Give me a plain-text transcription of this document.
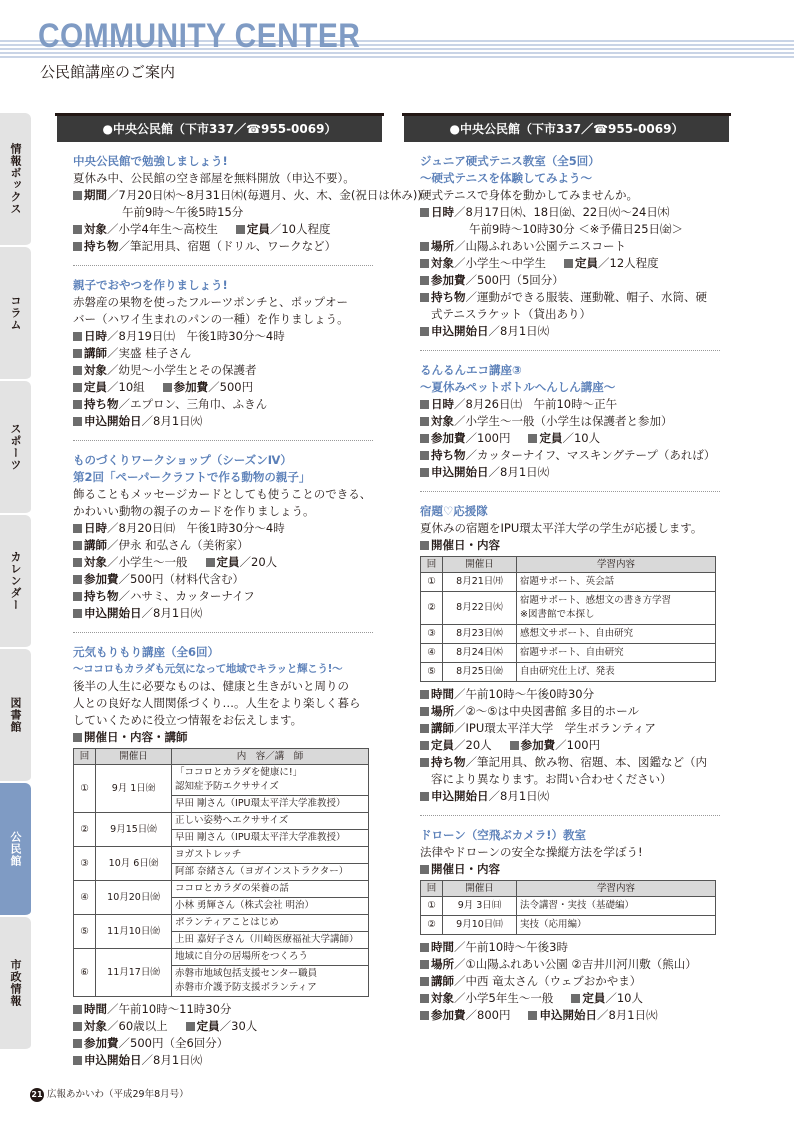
COMMUNITY CENTER
公民館講座のご案内
情報ボックス
コラム
スポーツ
カレンダー
図書館
公民館
市政情報
●中央公民館（下市337／☎955-0069）
中央公民館で勉強しましょう!
夏休み中、公民館の空き部屋を無料開放（申込不要）。
期間／7月20日㈭～8月31日㈭(毎週月、火、木、金(祝日は休み))
午前9時～午後5時15分
対象／小学4年生～高校生	定員／10人程度
持ち物／筆記用具、宿題（ドリル、ワークなど）
親子でおやつを作りましょう!
赤磐産の果物を使ったフルーツポンチと、ポップオー
バー（ハワイ生まれのパンの一種）を作りましょう。
日時／8月19日㈯　午後1時30分～4時
講師／実盛 桂子さん
対象／幼児～小学生とその保護者
定員／10組	参加費／500円
持ち物／エプロン、三角巾、ふきん
申込開始日／8月1日㈫
ものづくりワークショップ（シーズンⅣ）
第2回「ペーパークラフトで作る動物の親子」
飾ることもメッセージカードとしても使うことのできる、
かわいい動物の親子のカードを作りましょう。
日時／8月20日㈰　午後1時30分～4時
講師／伊永 和弘さん（美術家）
対象／小学生～一般	定員／20人
参加費／500円（材料代含む）
持ち物／ハサミ、カッターナイフ
申込開始日／8月1日㈫
元気もりもり講座（全6回）
～ココロもカラダも元気になって地域でキラッと輝こう!～
後半の人生に必要なものは、健康と生きがいと周りの
人との良好な人間関係づくり…。人生をより楽しく暮ら
していくために役立つ情報をお伝えします。
開催日・内容・講師
回	開催日	内　容／講　師
①	9月 1日㈮	「ココロとカラダを健康に!」
認知症予防エクササイズ
早田 剛さん（IPU環太平洋大学准教授）

②	9月15日㈮	正しい姿勢へエクササイズ
早田 剛さん（IPU環太平洋大学准教授）

③	10月 6日㈮	ヨガストレッチ
阿部 奈緒さん（ヨガインストラクター）

④	10月20日㈮	ココロとカラダの栄養の話
小林 勇輝さん（株式会社 明治）

⑤	11月10日㈮	ボランティアことはじめ
上田 嘉好子さん（川崎医療福祉大学講師）

⑥	11月17日㈮	地域に自分の居場所をつくろう
赤磐市地域包括支援センター職員
赤磐市介護予防支援ボランティア
時間／午前10時～11時30分
対象／60歳以上	定員／30人
参加費／500円（全6回分）
申込開始日／8月1日㈫
●中央公民館（下市337／☎955-0069）
ジュニア硬式テニス教室（全5回）
～硬式テニスを体験してみよう～
硬式テニスで身体を動かしてみませんか。
日時／8月17日㈭、18日㈮、22日㈫～24日㈭
午前9時～10時30分 ＜※予備日25日㈮＞
場所／山陽ふれあい公園テニスコート
対象／小学生～中学生	定員／12人程度
参加費／500円（5回分）
持ち物／運動ができる服装、運動靴、帽子、水筒、硬
式テニスラケット（貸出あり）
申込開始日／8月1日㈫
るんるんエコ講座③
～夏休みペットボトルへんしん講座～
日時／8月26日㈯　午前10時～正午
対象／小学生～一般（小学生は保護者と参加）
参加費／100円	定員／10人
持ち物／カッターナイフ、マスキングテープ（あれば）
申込開始日／8月1日㈫
宿題♡応援隊
夏休みの宿題をIPU環太平洋大学の学生が応援します。
開催日・内容
回	開催日	学習内容
①	8月21日㈪	宿題サポート、英会話

②	8月22日㈫	宿題サポート、感想文の書き方学習
※図書館で本探し

③	8月23日㈬	感想文サポート、自由研究

④	8月24日㈭	宿題サポート、自由研究

⑤	8月25日㈮	自由研究仕上げ、発表
時間／午前10時～午後0時30分
場所／②～⑤は中央図書館 多目的ホール
講師／IPU環太平洋大学　学生ボランティア
定員／20人	参加費／100円
持ち物／筆記用具、飲み物、宿題、本、図鑑など（内
容により異なります。お問い合わせください）
申込開始日／8月1日㈫
ドローン（空飛ぶカメラ!）教室
法律やドローンの安全な操縦方法を学ぼう!
開催日・内容
回	開催日	学習内容
①	9月 3日㈰	法令講習・実技（基礎編）

②	9月10日㈰	実技（応用編）
時間／午前10時～午後3時
場所／①山陽ふれあい公園 ②吉井川河川敷（熊山）
講師／中西 竜太さん（ウェブおかやま）
対象／小学5年生～一般	定員／10人
参加費／800円	申込開始日／8月1日㈫
21 広報あかいわ（平成29年8月号）
